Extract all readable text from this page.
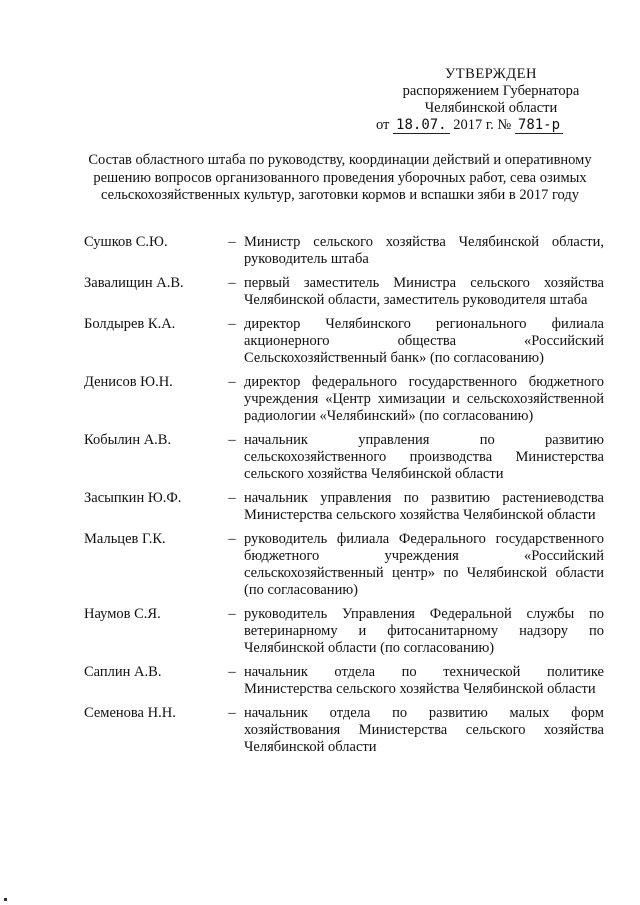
УТВЕРЖДЕН
распоряжением Губернатора
Челябинской области
от 18.07. 2017 г. № 781-р
Состав областного штаба по руководству, координации действий и оперативному решению вопросов организованного проведения уборочных работ, сева озимых сельскохозяйственных культур, заготовки кормов и вспашки зяби в 2017 году
Сушков С.Ю.	– Министр сельского хозяйства Челябинской области, руководитель штаба
Завалищин А.В.	– первый заместитель Министра сельского хозяйства Челябинской области, заместитель руководителя штаба
Болдырев К.А.	– директор Челябинского регионального филиала акционерного общества «Российский Сельскохозяйственный банк» (по согласованию)
Денисов Ю.Н.	– директор федерального государственного бюджетного учреждения «Центр химизации и сельскохозяйственной радиологии «Челябинский» (по согласованию)
Кобылин А.В.	– начальник управления по развитию сельскохозяйственного производства Министерства сельского хозяйства Челябинской области
Засыпкин Ю.Ф.	– начальник управления по развитию растениеводства Министерства сельского хозяйства Челябинской области
Мальцев Г.К.	– руководитель филиала Федерального государственного бюджетного учреждения «Российский сельскохозяйственный центр» по Челябинской области (по согласованию)
Наумов С.Я.	– руководитель Управления Федеральной службы по ветеринарному и фитосанитарному надзору по Челябинской области (по согласованию)
Саплин А.В.	– начальник отдела по технической политике Министерства сельского хозяйства Челябинской области
Семенова Н.Н.	– начальник отдела по развитию малых форм хозяйствования Министерства сельского хозяйства Челябинской области
